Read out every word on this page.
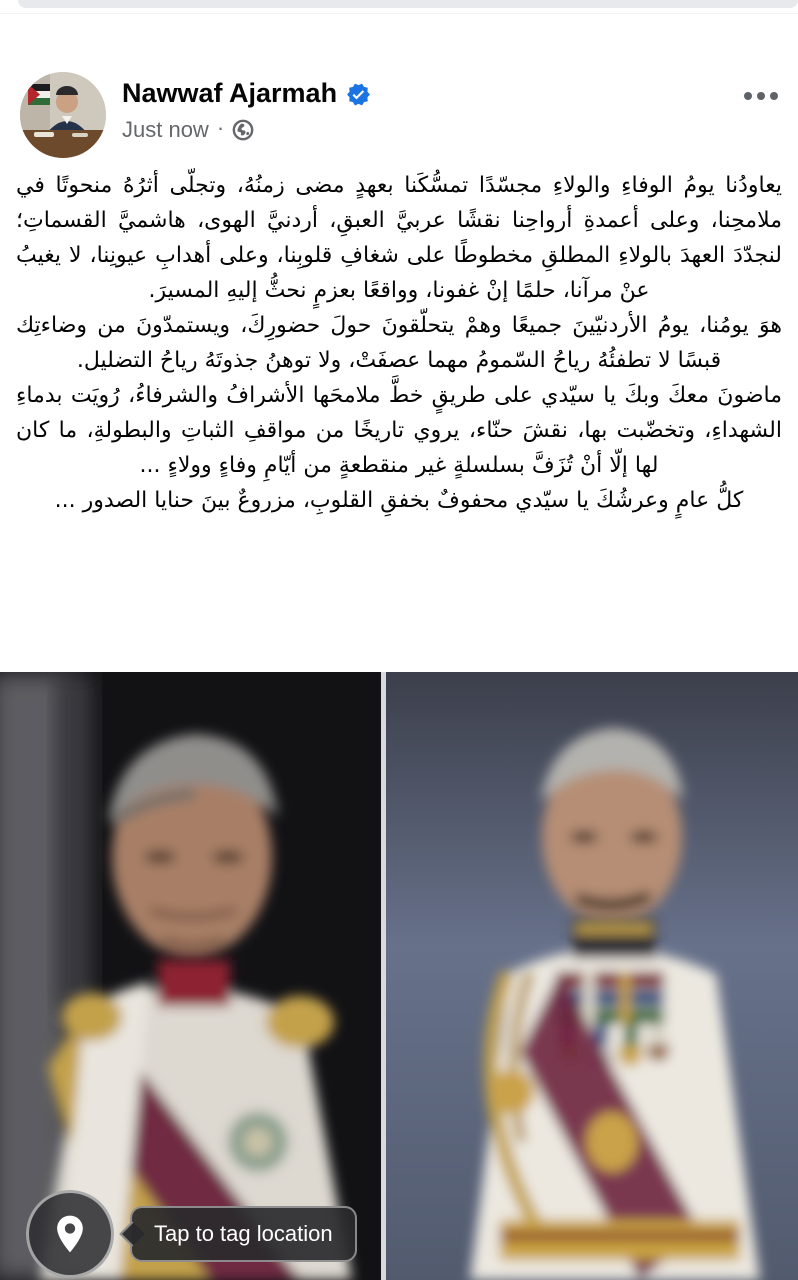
Nawwaf Ajarmah
Just now ·

يعاودُنا يومُ الوفاءِ والولاءِ مجسّدًا تمسُّكَنا بعهدٍ مضى زمنُهُ، وتجلّى أثرُهُ منحوتًا في ملامحِنا، وعلى أعمدةِ أرواحِنا نقشًا عربيَّ العبقِ، أردنيَّ الهوى، هاشميَّ القسماتِ؛ لنجدّدَ العهدَ بالولاءِ المطلقِ مخطوطًا على شغافِ قلوبِنا، وعلى أهدابِ عيونِنا، لا يغيبُ عنْ مرآنا، حلمًا إنْ غفونا، وواقعًا بعزمٍ نحثُّ إليهِ المسيرَ.

هوَ يومُنا، يومُ الأردنيّينَ جميعًا وهمْ يتحلّقونَ حولَ حضورِكَ، ويستمدّونَ من وضاءتِك قبسًا لا تطفئُهُ رياحُ السّمومُ مهما عصفَتْ، ولا توهنُ جذوتَهُ رياحُ التضليل.

ماضونَ معكَ وبكَ يا سيّدي على طريقٍ خطَّ ملامحَها الأشرافُ والشرفاءُ، رُويَت بدماءِ الشهداءِ، وتخضّبت بها، نقشَ حنّاء، يروي تاريخًا من مواقفِ الثباتِ والبطولةِ، ما كان لها إلّا أنْ تُزَفَّ بسلسلةٍ غير منقطعةٍ من أيّامِ وفاءٍ وولاءٍ ...

كلُّ عامٍ وعرشُكَ يا سيّدي محفوفٌ بخفقِ القلوبِ، مزروعٌ بينَ حنايا الصدور ...

Tap to tag location
